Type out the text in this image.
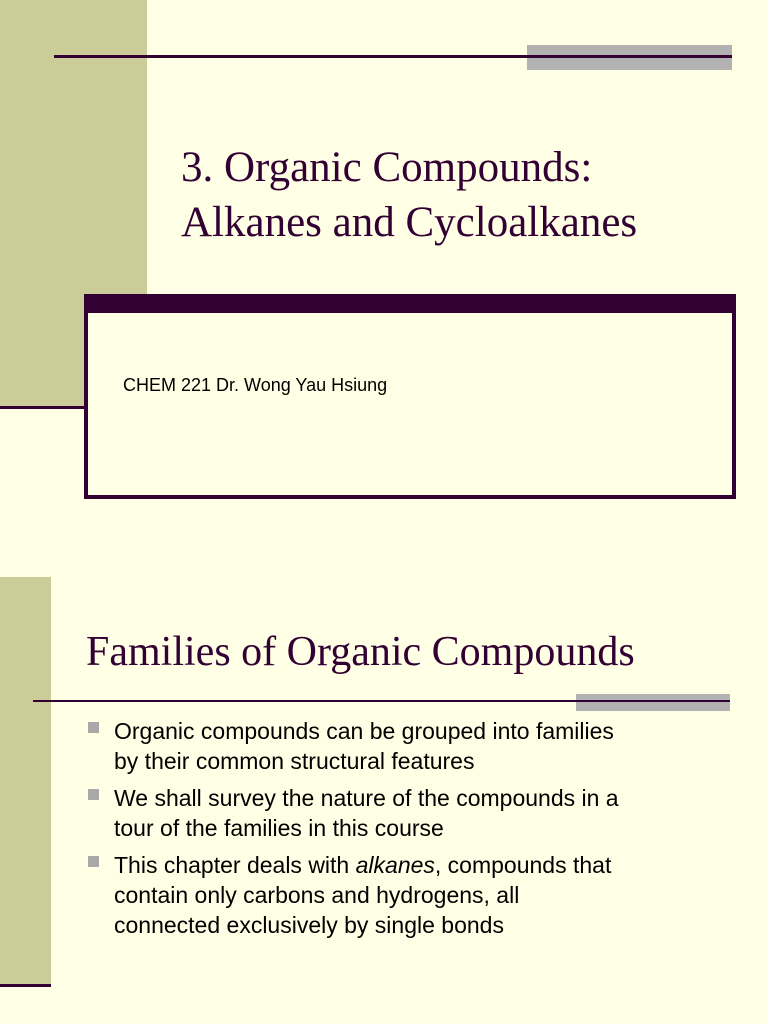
3. Organic Compounds:
Alkanes and Cycloalkanes
CHEM 221 Dr. Wong Yau Hsiung
Families of Organic Compounds
Organic compounds can be grouped into families
by their common structural features
We shall survey the nature of the compounds in a
tour of the families in this course
This chapter deals with alkanes, compounds that
contain only carbons and hydrogens, all
connected exclusively by single bonds
